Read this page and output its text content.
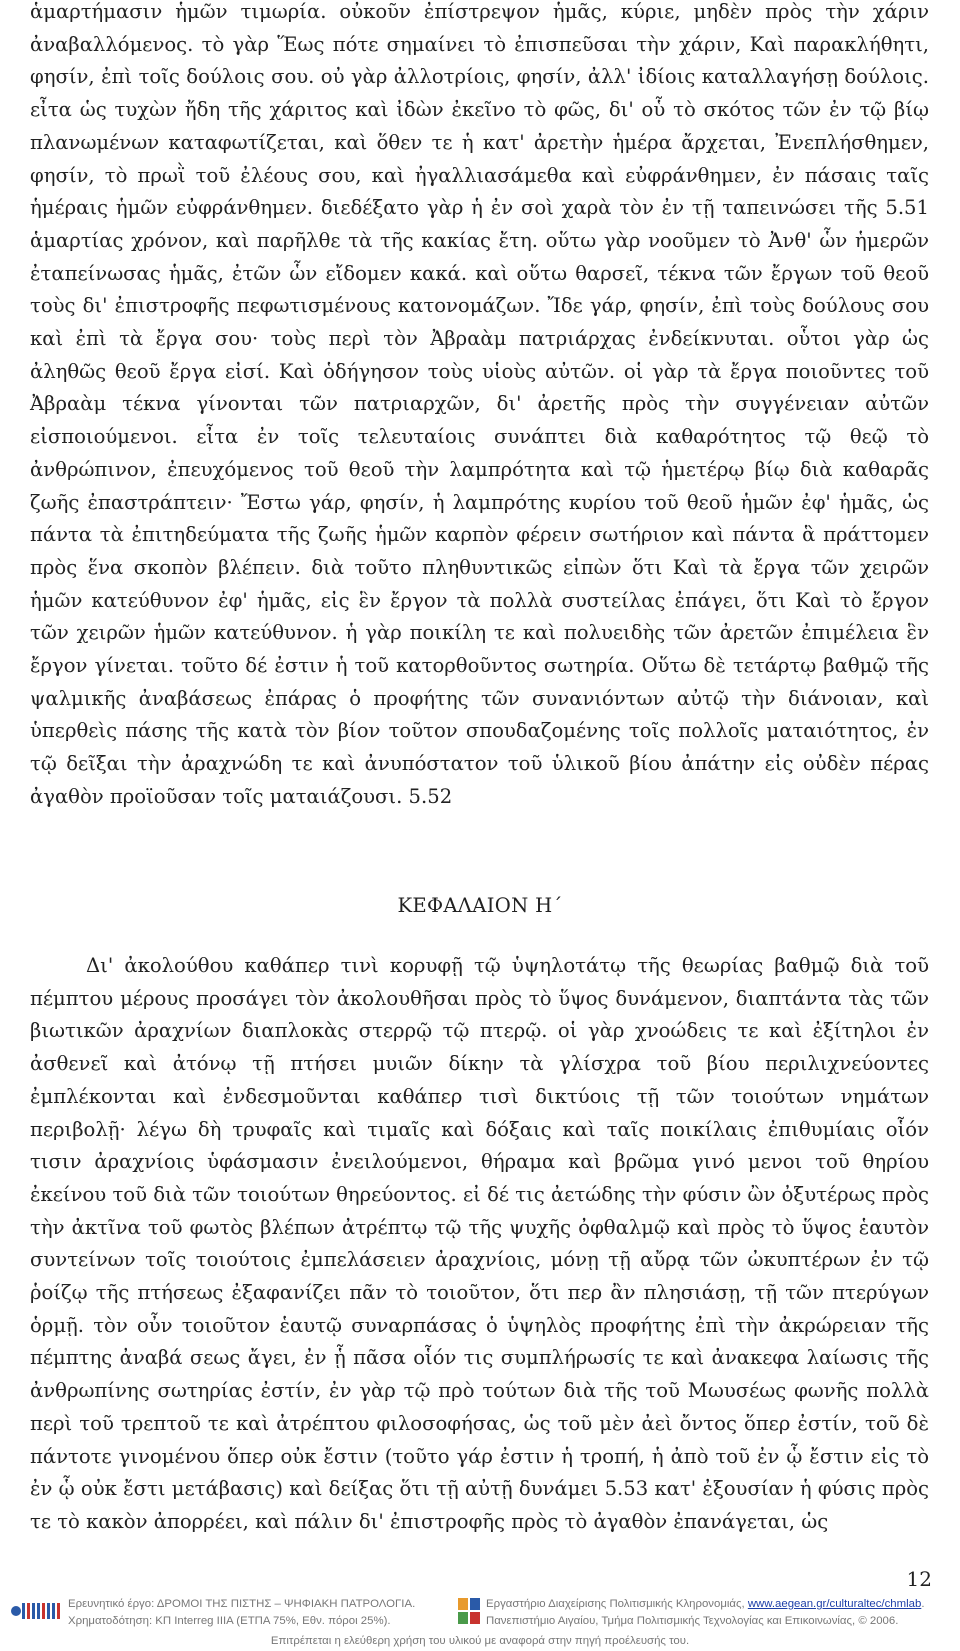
ἁμαρτήμασιν ἡμῶν τιμωρία. οὐκοῦν ἐπίστρεψον ἡμᾶς, κύριε, μηδὲν πρὸς τὴν χάριν ἀναβαλλόμενος. τὸ γὰρ Ἕως πότε σημαίνει τὸ ἐπισπεῦσαι τὴν χάριν, Καὶ παρακλήθητι, φησίν, ἐπὶ τοῖς δούλοις σου. οὐ γὰρ ἀλλοτρίοις, φησίν, ἀλλ' ἰδίοις καταλλαγήσῃ δούλοις. εἶτα ὡς τυχὼν ἤδη τῆς χάριτος καὶ ἰδὼν ἐκεῖνο τὸ φῶς, δι' οὗ τὸ σκότος τῶν ἐν τῷ βίῳ πλανωμένων καταφωτίζεται, καὶ ὅθεν τε ἡ κατ' ἀρετὴν ἡμέρα ἄρχεται, Ἐνεπλήσθημεν, φησίν, τὸ πρωῒ τοῦ ἐλέους σου, καὶ ἠγαλλιασάμεθα καὶ εὐφράνθημεν, ἐν πάσαις ταῖς ἡμέραις ἡμῶν εὐφράνθημεν. διεδέξατο γὰρ ἡ ἐν σοὶ χαρὰ τὸν ἐν τῇ ταπεινώσει τῆς 5.51 ἁμαρτίας χρόνον, καὶ παρῆλθε τὰ τῆς κακίας ἔτη. οὕτω γὰρ νοοῦμεν τὸ Ἀνθ' ὧν ἡμερῶν ἐταπείνωσας ἡμᾶς, ἐτῶν ὧν εἴδομεν κακά. καὶ οὕτω θαρσεῖ, τέκνα τῶν ἔργων τοῦ θεοῦ τοὺς δι' ἐπιστροφῆς πεφωτισμένους κατονομάζων. Ἴδε γάρ, φησίν, ἐπὶ τοὺς δούλους σου καὶ ἐπὶ τὰ ἔργα σου· τοὺς περὶ τὸν Ἀβραὰμ πατριάρχας ἐνδείκνυται. οὗτοι γὰρ ὡς ἀληθῶς θεοῦ ἔργα εἰσί. Καὶ ὁδήγησον τοὺς υἱοὺς αὐτῶν. οἱ γὰρ τὰ ἔργα ποιοῦντες τοῦ Ἀβραὰμ τέκνα γίνονται τῶν πατριαρχῶν, δι' ἀρετῆς πρὸς τὴν συγγένειαν αὐτῶν εἰσποιούμενοι. εἶτα ἐν τοῖς τελευταίοις συνάπτει διὰ καθαρότητος τῷ θεῷ τὸ ἀνθρώπινον, ἐπευχόμενος τοῦ θεοῦ τὴν λαμπρότητα καὶ τῷ ἡμετέρῳ βίῳ διὰ καθαρᾶς ζωῆς ἐπαστράπτειν· Ἔστω γάρ, φησίν, ἡ λαμπρότης κυρίου τοῦ θεοῦ ἡμῶν ἐφ' ἡμᾶς, ὡς πάντα τὰ ἐπιτηδεύματα τῆς ζωῆς ἡμῶν καρπὸν φέρειν σωτήριον καὶ πάντα ἃ πράττομεν πρὸς ἕνα σκοπὸν βλέπειν. διὰ τοῦτο πληθυντικῶς εἰπὼν ὅτι Καὶ τὰ ἔργα τῶν χειρῶν ἡμῶν κατεύθυνον ἐφ' ἡμᾶς, εἰς ἓν ἔργον τὰ πολλὰ συστείλας ἐπάγει, ὅτι Καὶ τὸ ἔργον τῶν χειρῶν ἡμῶν κατεύθυνον. ἡ γὰρ ποικίλη τε καὶ πολυειδὴς τῶν ἀρετῶν ἐπιμέλεια ἓν ἔργον γίνεται. τοῦτο δέ ἐστιν ἡ τοῦ κατορθοῦντος σωτηρία. Οὕτω δὲ τετάρτῳ βαθμῷ τῆς ψαλμικῆς ἀναβάσεως ἐπάρας ὁ προφήτης τῶν συνανιόντων αὐτῷ τὴν διάνοιαν, καὶ ὑπερθεὶς πάσης τῆς κατὰ τὸν βίον τοῦτον σπουδαζομένης τοῖς πολλοῖς ματαιότητος, ἐν τῷ δεῖξαι τὴν ἀραχνώδη τε καὶ ἀνυπόστατον τοῦ ὑλικοῦ βίου ἀπάτην εἰς οὐδὲν πέρας ἀγαθὸν προϊοῦσαν τοῖς ματαιάζουσι. 5.52

ΚΕΦΑΛΑΙΟΝ Η΄

Δι' ἀκολούθου καθάπερ τινὶ κορυφῇ τῷ ὑψηλοτάτῳ τῆς θεωρίας βαθμῷ διὰ τοῦ πέμπτου μέρους προσάγει τὸν ἀκολουθῆσαι πρὸς τὸ ὕψος δυνάμενον, διαπτάντα τὰς τῶν βιωτικῶν ἀραχνίων διαπλοκὰς στερρῷ τῷ πτερῷ. οἱ γὰρ χνοώδεις τε καὶ ἐξίτηλοι ἐν ἀσθενεῖ καὶ ἀτόνῳ τῇ πτήσει μυιῶν δίκην τὰ γλίσχρα τοῦ βίου περιλιχνεύοντες ἐμπλέκονται καὶ ἐνδεσμοῦνται καθάπερ τισὶ δικτύοις τῇ τῶν τοιούτων νημάτων περιβολῇ· λέγω δὴ τρυφαῖς καὶ τιμαῖς καὶ δόξαις καὶ ταῖς ποικίλαις ἐπιθυμίαις οἷόν τισιν ἀραχνίοις ὑφάσμασιν ἐνειλούμενοι, θήραμα καὶ βρῶμα γινό μενοι τοῦ θηρίου ἐκείνου τοῦ διὰ τῶν τοιούτων θηρεύοντος. εἰ δέ τις ἀετώδης τὴν φύσιν ὢν ὀξυτέρως πρὸς τὴν ἀκτῖνα τοῦ φωτὸς βλέπων ἀτρέπτῳ τῷ τῆς ψυχῆς ὀφθαλμῷ καὶ πρὸς τὸ ὕψος ἑαυτὸν συντείνων τοῖς τοιούτοις ἐμπελάσειεν ἀραχνίοις, μόνῃ τῇ αὔρᾳ τῶν ὠκυπτέρων ἐν τῷ ῥοίζῳ τῆς πτήσεως ἐξαφανίζει πᾶν τὸ τοιοῦτον, ὅτι περ ἂν πλησιάσῃ, τῇ τῶν πτερύγων ὁρμῇ. τὸν οὖν τοιοῦτον ἑαυτῷ συναρπάσας ὁ ὑψηλὸς προφήτης ἐπὶ τὴν ἀκρώρειαν τῆς πέμπτης ἀναβά σεως ἄγει, ἐν ᾗ πᾶσα οἷόν τις συμπλήρωσίς τε καὶ ἀνακεφα λαίωσις τῆς ἀνθρωπίνης σωτηρίας ἐστίν, ἐν γὰρ τῷ πρὸ τούτων διὰ τῆς τοῦ Μωυσέως φωνῆς πολλὰ περὶ τοῦ τρεπτοῦ τε καὶ ἀτρέπτου φιλοσοφήσας, ὡς τοῦ μὲν ἀεὶ ὄντος ὅπερ ἐστίν, τοῦ δὲ πάντοτε γινομένου ὅπερ οὐκ ἔστιν (τοῦτο γάρ ἐστιν ἡ τροπή, ἡ ἀπὸ τοῦ ἐν ᾧ ἔστιν εἰς τὸ ἐν ᾧ οὐκ ἔστι μετάβασις) καὶ δείξας ὅτι τῇ αὐτῇ δυνάμει 5.53 κατ' ἐξουσίαν ἡ φύσις πρὸς τε τὸ κακὸν ἀπορρέει, καὶ πάλιν δι' ἐπιστροφῆς πρὸς τὸ ἀγαθὸν ἐπανάγεται, ὡς

12
Ερευνητικό έργο: ΔΡΟΜΟΙ ΤΗΣ ΠΙΣΤΗΣ – ΨΗΦΙΑΚΗ ΠΑΤΡΟΛΟΓΙΑ.
Χρηματοδότηση: ΚΠ Interreg IIIA (ΕΤΠΑ 75%, Εθν. πόροι 25%).
Εργαστήριο Διαχείρισης Πολιτισμικής Κληρονομιάς, www.aegean.gr/culturaltec/chmlab.
Πανεπιστήμιο Αιγαίου, Τμήμα Πολιτισμικής Τεχνολογίας και Επικοινωνίας, © 2006.
Επιτρέπεται η ελεύθερη χρήση του υλικού με αναφορά στην πηγή προέλευσής του.
